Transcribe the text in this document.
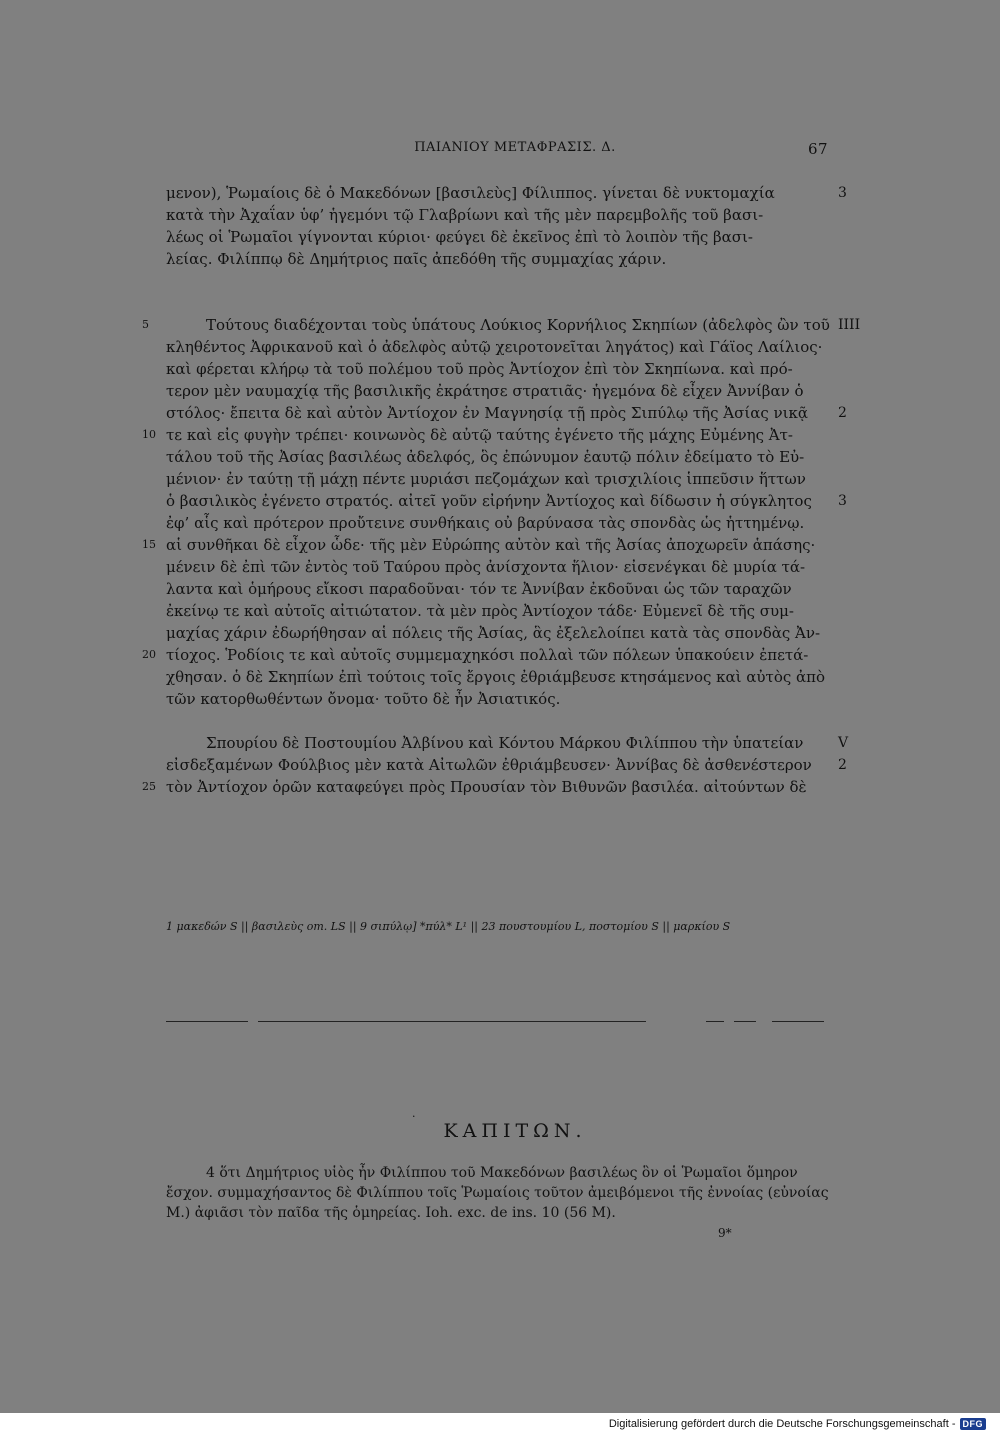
ΠΑΙΑΝΙΟΥ ΜΕΤΑΦΡΑΣΙΣ. Δ.	67
μενον), Ῥωμαίοις δὲ ὁ Μακεδόνων [βασιλεὺς] Φίλιππος. γίνεται δὲ νυκτομαχία	3
κατὰ τὴν Ἀχαΐαν ὑφ’ ἡγεμόνι τῷ Γλαβρίωνι καὶ τῆς μὲν παρεμβολῆς τοῦ βασι-
λέως οἱ Ῥωμαῖοι γίγνονται κύριοι· φεύγει δὲ ἐκεῖνος ἐπὶ τὸ λοιπὸν τῆς βασι-
λείας. Φιλίππῳ δὲ Δημήτριος παῖς ἀπεδόθη τῆς συμμαχίας χάριν.
Τούτους διαδέχονται τοὺς ὑπάτους Λούκιος Κορνήλιος Σκηπίων (ἀδελφὸς ὢν τοῦ
5	IIII
κληθέντος Ἀφρικανοῦ καὶ ὁ ἀδελφὸς αὐτῷ χειροτονεῖται ληγάτος) καὶ Γάϊος Λαίλιος·
καὶ φέρεται κλήρῳ τὰ τοῦ πολέμου τοῦ πρὸς Ἀντίοχον ἐπὶ τὸν Σκηπίωνα. καὶ πρό-
τερον μὲν ναυμαχίᾳ τῆς βασιλικῆς ἐκράτησε στρατιᾶς· ἡγεμόνα δὲ εἶχεν Ἀννίβαν ὁ
στόλος· ἔπειτα δὲ καὶ αὐτὸν Ἀντίοχον ἐν Μαγνησίᾳ τῇ πρὸς Σιπύλῳ τῆς Ἀσίας νικᾷ 2
τε καὶ εἰς φυγὴν τρέπει· κοινωνὸς δὲ αὐτῷ ταύτης ἐγένετο τῆς μάχης Εὐμένης Ἀτ-
10
τάλου τοῦ τῆς Ἀσίας βασιλέως ἀδελφός, ὃς ἐπώνυμον ἑαυτῷ πόλιν ἐδείματο τὸ Εὐ-
μένιον· ἐν ταύτῃ τῇ μάχῃ πέντε μυριάσι πεζομάχων καὶ τρισχιλίοις ἱππεῦσιν ἥττων
ὁ βασιλικὸς ἐγένετο στρατός. αἰτεῖ γοῦν εἰρήνην Ἀντίοχος καὶ δίδωσιν ἡ σύγκλητος 3
ἐφ’ αἷς καὶ πρότερον προὔτεινε συνθήκαις οὐ βαρύνασα τὰς σπονδὰς ὡς ἡττημένῳ.
αἱ συνθῆκαι δὲ εἶχον ὧδε· τῆς μὲν Εὐρώπης αὐτὸν καὶ τῆς Ἀσίας ἀποχωρεῖν ἁπάσης·
15
μένειν δὲ ἐπὶ τῶν ἐντὸς τοῦ Ταύρου πρὸς ἀνίσχοντα ἥλιον· εἰσενέγκαι δὲ μυρία τά-
λαντα καὶ ὁμήρους εἴκοσι παραδοῦναι· τόν τε Ἀννίβαν ἐκδοῦναι ὡς τῶν ταραχῶν
ἐκείνῳ τε καὶ αὐτοῖς αἰτιώτατον. τὰ μὲν πρὸς Ἀντίοχον τάδε· Εὐμενεῖ δὲ τῆς συμ-
μαχίας χάριν ἐδωρήθησαν αἱ πόλεις τῆς Ἀσίας, ἃς ἐξελελοίπει κατὰ τὰς σπονδὰς Ἀν-
τίοχος. Ῥοδίοις τε καὶ αὐτοῖς συμμεμαχηκόσι πολλαὶ τῶν πόλεων ὑπακούειν ἐπετά-
20
χθησαν. ὁ δὲ Σκηπίων ἐπὶ τούτοις τοῖς ἔργοις ἐθριάμβευσε κτησάμενος καὶ αὐτὸς ἀπὸ
τῶν κατορθωθέντων ὄνομα· τοῦτο δὲ ἦν Ἀσιατικός.
Σπουρίου δὲ Ποστουμίου Ἀλβίνου καὶ Κόντου Μάρκου Φιλίππου τὴν ὑπατείαν V
εἰσδεξαμένων Φούλβιος μὲν κατὰ Αἰτωλῶν ἐθριάμβευσεν· Ἀννίβας δὲ ἀσθενέστερον 2
τὸν Ἀντίοχον ὁρῶν καταφεύγει πρὸς Προυσίαν τὸν Βιθυνῶν βασιλέα. αἰτούντων δὲ
25
1 μακεδών S || βασιλεὺς om. LS || 9 σιπύλῳ] *πύλ* L¹ || 23 πουστουμίου L, ποστομίου S || μαρκίου S
·
ΚΑΠΙΤΩΝ.
4 ὅτι Δημήτριος υἱὸς ἦν Φιλίππου τοῦ Μακεδόνων βασιλέως ὃν οἱ Ῥωμαῖοι ὅμηρον
ἔσχον. συμμαχήσαντος δὲ Φιλίππου τοῖς Ῥωμαίοις τοῦτον ἀμειβόμενοι τῆς ἐννοίας (εὐνοίας
M.) ἀφιᾶσι τὸν παῖδα τῆς ὁμηρείας. Ioh. exc. de ins. 10 (56 M).
9*
Digitalisierung gefördert durch die Deutsche Forschungsgemeinschaft - DFG
